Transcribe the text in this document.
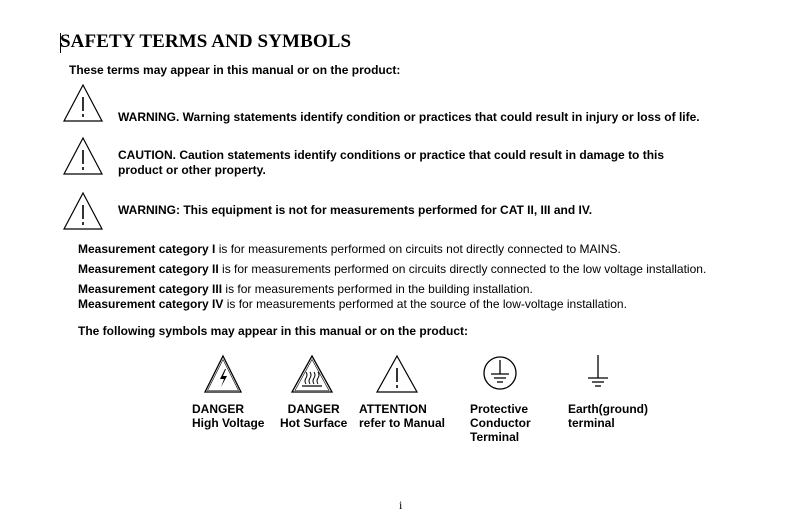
SAFETY TERMS AND SYMBOLS
These terms may appear in this manual or on the product:
WARNING. Warning statements identify condition or practices that could result in injury or loss of life.
CAUTION. Caution statements identify conditions or practice that could result in damage to this
product or other property.
WARNING: This equipment is not for measurements performed for CAT II, III and IV.
Measurement category I is for measurements performed on circuits not directly connected to MAINS.
Measurement category II is for measurements performed on circuits directly connected to the low voltage installation.
Measurement category III is for measurements performed in the building installation.
Measurement category IV is for measurements performed at the source of the low-voltage installation.
The following symbols may appear in this manual or on the product:
DANGER
High Voltage
DANGER
Hot Surface
ATTENTION
refer to Manual
Protective
Conductor
Terminal
Earth(ground)
terminal
i
